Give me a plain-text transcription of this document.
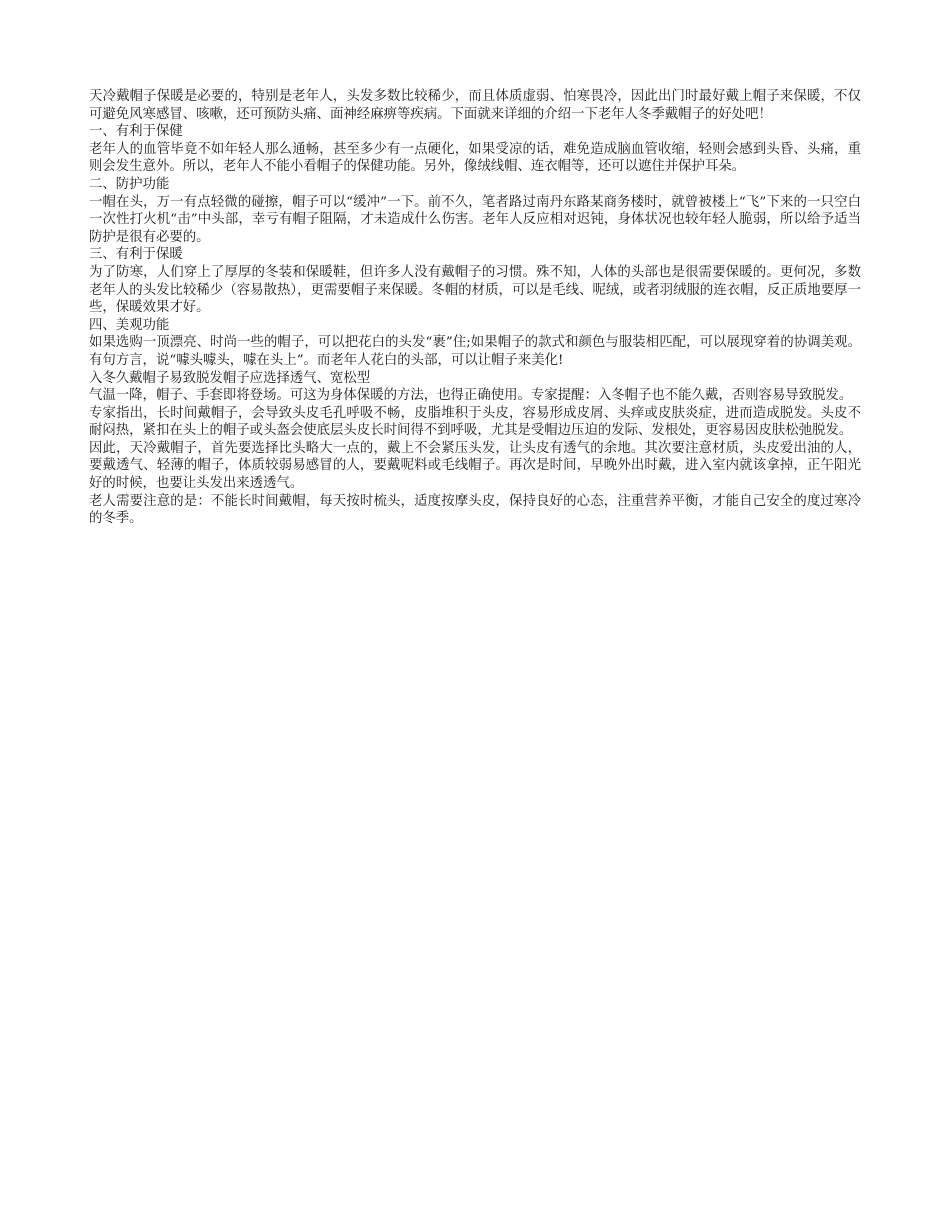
天冷戴帽子保暖是必要的，特别是老年人，头发多数比较稀少，而且体质虚弱、怕寒畏冷，因此出门时最好戴上帽子来保暖，不仅可避免风寒感冒、咳嗽，还可预防头痛、面神经麻痹等疾病。下面就来详细的介绍一下老年人冬季戴帽子的好处吧！

一、有利于保健

老年人的血管毕竟不如年轻人那么通畅，甚至多少有一点硬化，如果受凉的话，难免造成脑血管收缩，轻则会感到头昏、头痛，重则会发生意外。所以，老年人不能小看帽子的保健功能。另外，像绒线帽、连衣帽等，还可以遮住并保护耳朵。

二、防护功能

一帽在头，万一有点轻微的碰擦，帽子可以“缓冲”一下。前不久，笔者路过南丹东路某商务楼时，就曾被楼上“飞”下来的一只空白一次性打火机“击”中头部，幸亏有帽子阻隔，才未造成什么伤害。老年人反应相对迟钝，身体状况也较年轻人脆弱，所以给予适当防护是很有必要的。

三、有利于保暖

为了防寒，人们穿上了厚厚的冬装和保暖鞋，但许多人没有戴帽子的习惯。殊不知，人体的头部也是很需要保暖的。更何况，多数老年人的头发比较稀少（容易散热），更需要帽子来保暖。冬帽的材质，可以是毛线、呢绒，或者羽绒服的连衣帽，反正质地要厚一些，保暖效果才好。

四、美观功能

如果选购一顶漂亮、时尚一些的帽子，可以把花白的头发“裹”住;如果帽子的款式和颜色与服装相匹配，可以展现穿着的协调美观。有句方言，说“噱头噱头，噱在头上”。而老年人花白的头部，可以让帽子来美化!

入冬久戴帽子易致脱发帽子应选择透气、宽松型

气温一降，帽子、手套即将登场。可这为身体保暖的方法，也得正确使用。专家提醒：入冬帽子也不能久戴，否则容易导致脱发。

专家指出，长时间戴帽子，会导致头皮毛孔呼吸不畅，皮脂堆积于头皮，容易形成皮屑、头痒或皮肤炎症，进而造成脱发。头皮不耐闷热，紧扣在头上的帽子或头盔会使底层头皮长时间得不到呼吸，尤其是受帽边压迫的发际、发根处，更容易因皮肤松弛脱发。

因此，天冷戴帽子，首先要选择比头略大一点的，戴上不会紧压头发，让头皮有透气的余地。其次要注意材质，头皮爱出油的人，要戴透气、轻薄的帽子，体质较弱易感冒的人，要戴呢料或毛线帽子。再次是时间，早晚外出时戴，进入室内就该拿掉，正午阳光好的时候，也要让头发出来透透气。

老人需要注意的是：不能长时间戴帽，每天按时梳头，适度按摩头皮，保持良好的心态，注重营养平衡，才能自己安全的度过寒冷的冬季。
